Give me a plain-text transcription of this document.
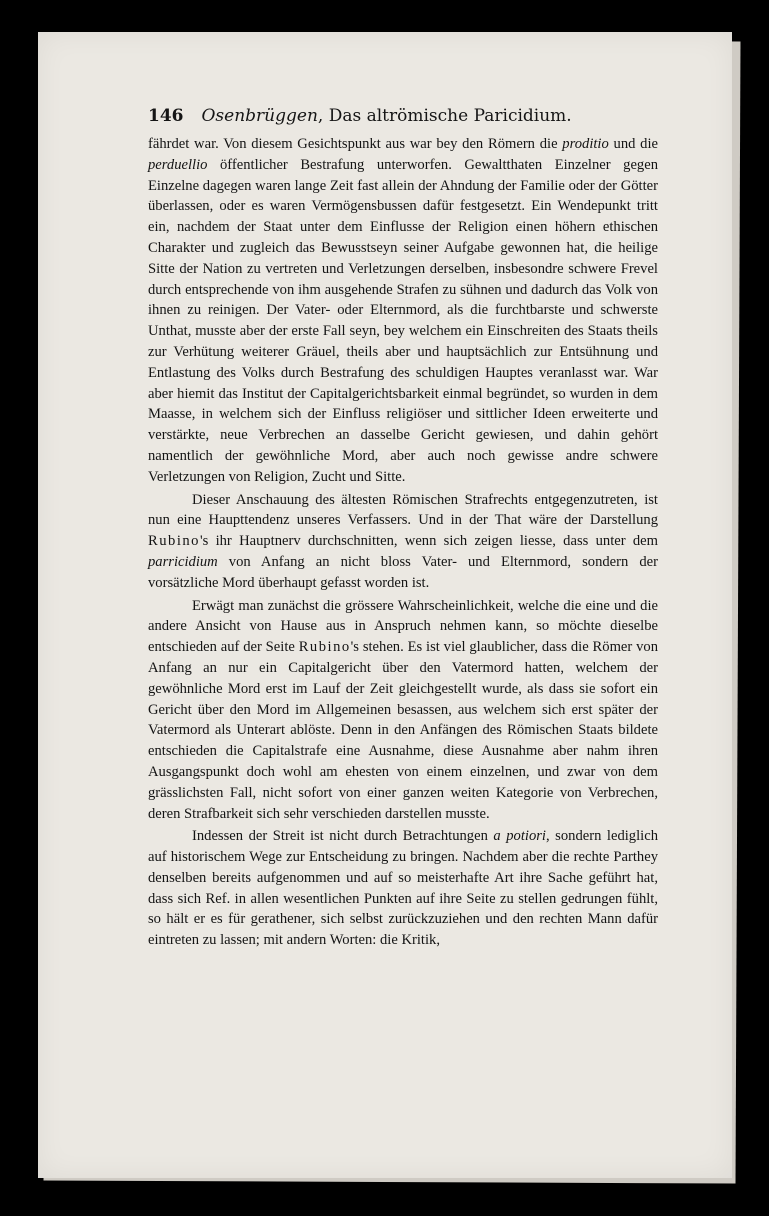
146 Osenbrüggen, Das altrömische Paricidium.

fährdet war. Von diesem Gesichtspunkt aus war bey den Römern die proditio und die perduellio öffentlicher Bestrafung unterworfen. Gewaltthaten Einzelner gegen Einzelne dagegen waren lange Zeit fast allein der Ahndung der Familie oder der Götter überlassen, oder es waren Vermögensbussen dafür festgesetzt. Ein Wendepunkt tritt ein, nachdem der Staat unter dem Einflusse der Religion einen höhern ethischen Charakter und zugleich das Bewusstseyn seiner Aufgabe gewonnen hat, die heilige Sitte der Nation zu vertreten und Verletzungen derselben, insbesondre schwere Frevel durch entsprechende von ihm ausgehende Strafen zu sühnen und dadurch das Volk von ihnen zu reinigen. Der Vater- oder Elternmord, als die furchtbarste und schwerste Unthat, musste aber der erste Fall seyn, bey welchem ein Einschreiten des Staats theils zur Verhütung weiterer Gräuel, theils aber und hauptsächlich zur Entsühnung und Entlastung des Volks durch Bestrafung des schuldigen Hauptes veranlasst war. War aber hiemit das Institut der Capitalgerichtsbarkeit einmal begründet, so wurden in dem Maasse, in welchem sich der Einfluss religiöser und sittlicher Ideen erweiterte und verstärkte, neue Verbrechen an dasselbe Gericht gewiesen, und dahin gehört namentlich der gewöhnliche Mord, aber auch noch gewisse andre schwere Verletzungen von Religion, Zucht und Sitte.

Dieser Anschauung des ältesten Römischen Strafrechts entgegenzutreten, ist nun eine Haupttendenz unseres Verfassers. Und in der That wäre der Darstellung Rubino's ihr Hauptnerv durchschnitten, wenn sich zeigen liesse, dass unter dem parricidium von Anfang an nicht bloss Vater- und Elternmord, sondern der vorsätzliche Mord überhaupt gefasst worden ist.

Erwägt man zunächst die grössere Wahrscheinlichkeit, welche die eine und die andere Ansicht von Hause aus in Anspruch nehmen kann, so möchte dieselbe entschieden auf der Seite Rubino's stehen. Es ist viel glaublicher, dass die Römer von Anfang an nur ein Capitalgericht über den Vatermord hatten, welchem der gewöhnliche Mord erst im Lauf der Zeit gleichgestellt wurde, als dass sie sofort ein Gericht über den Mord im Allgemeinen besassen, aus welchem sich erst später der Vatermord als Unterart ablöste. Denn in den Anfängen des Römischen Staats bildete entschieden die Capitalstrafe eine Ausnahme, diese Ausnahme aber nahm ihren Ausgangspunkt doch wohl am ehesten von einem einzelnen, und zwar von dem grässlichsten Fall, nicht sofort von einer ganzen weiten Kategorie von Verbrechen, deren Strafbarkeit sich sehr verschieden darstellen musste.

Indessen der Streit ist nicht durch Betrachtungen a potiori, sondern lediglich auf historischem Wege zur Entscheidung zu bringen. Nachdem aber die rechte Parthey denselben bereits aufgenommen und auf so meisterhafte Art ihre Sache geführt hat, dass sich Ref. in allen wesentlichen Punkten auf ihre Seite zu stellen gedrungen fühlt, so hält er es für gerathener, sich selbst zurückzuziehen und den rechten Mann dafür eintreten zu lassen; mit andern Worten: die Kritik,
